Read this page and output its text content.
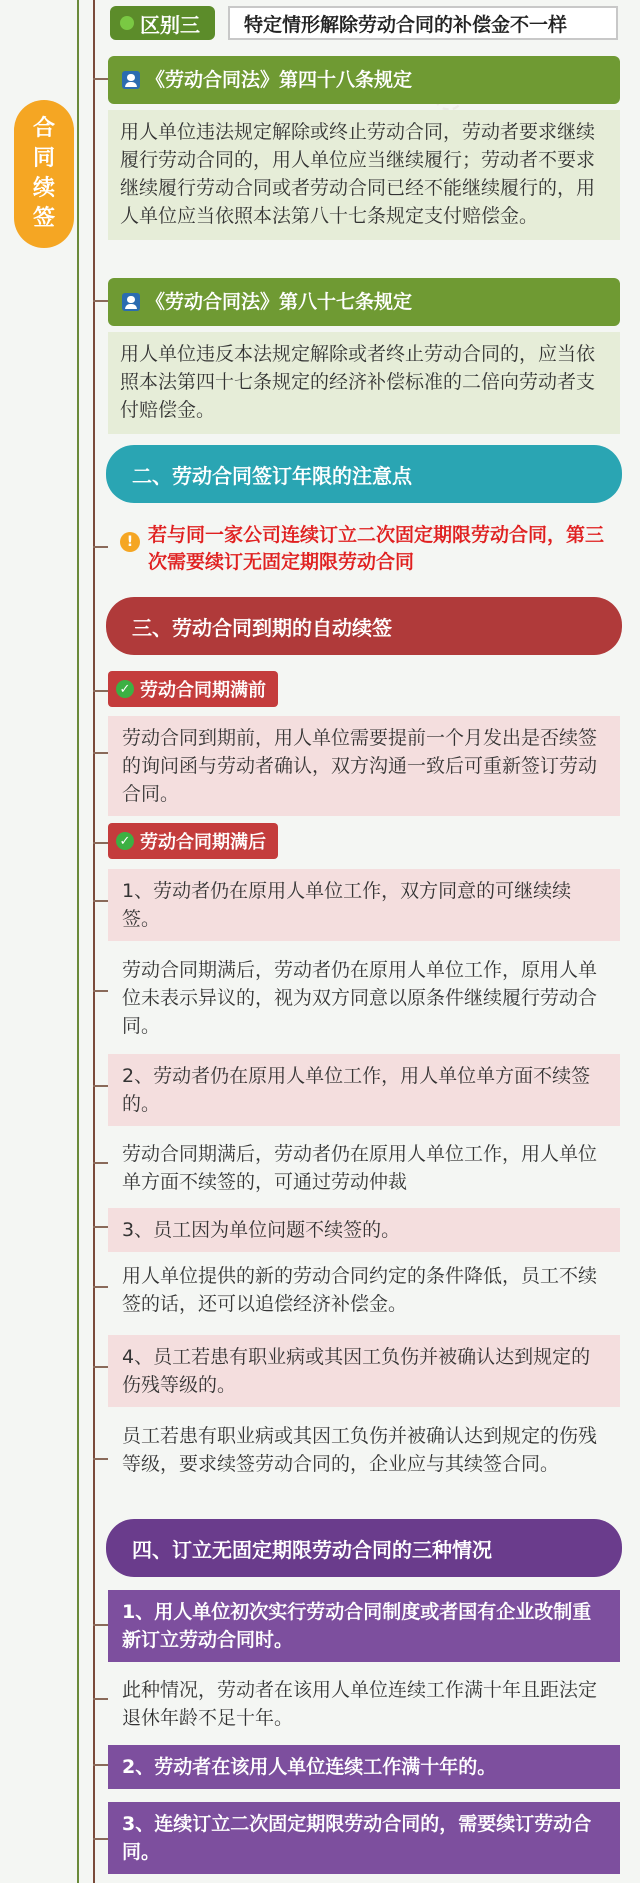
合
同
续
签
区别三 特定情形解除劳动合同的补偿金不一样
《劳动合同法》第四十八条规定
用人单位违法规定解除或终止劳动合同，劳动者要求继续履行劳动合同的，用人单位应当继续履行；劳动者不要求继续履行劳动合同或者劳动合同已经不能继续履行的，用人单位应当依照本法第八十七条规定支付赔偿金。
《劳动合同法》第八十七条规定
用人单位违反本法规定解除或者终止劳动合同的，应当依照本法第四十七条规定的经济补偿标准的二倍向劳动者支付赔偿金。
二、劳动合同签订年限的注意点
! 若与同一家公司连续订立二次固定期限劳动合同，第三次需要续订无固定期限劳动合同
三、劳动合同到期的自动续签
✓ 劳动合同期满前
劳动合同到期前，用人单位需要提前一个月发出是否续签的询问函与劳动者确认，双方沟通一致后可重新签订劳动合同。
✓ 劳动合同期满后
1、劳动者仍在原用人单位工作，双方同意的可继续续签。
劳动合同期满后，劳动者仍在原用人单位工作，原用人单位未表示异议的，视为双方同意以原条件继续履行劳动合同。
2、劳动者仍在原用人单位工作，用人单位单方面不续签的。
劳动合同期满后，劳动者仍在原用人单位工作，用人单位单方面不续签的，可通过劳动仲裁
3、员工因为单位问题不续签的。
用人单位提供的新的劳动合同约定的条件降低，员工不续签的话，还可以追偿经济补偿金。
4、员工若患有职业病或其因工负伤并被确认达到规定的伤残等级的。
员工若患有职业病或其因工负伤并被确认达到规定的伤残等级，要求续签劳动合同的，企业应与其续签合同。
四、订立无固定期限劳动合同的三种情况
1、用人单位初次实行劳动合同制度或者国有企业改制重新订立劳动合同时。
此种情况，劳动者在该用人单位连续工作满十年且距法定退休年龄不足十年。
2、劳动者在该用人单位连续工作满十年的。
3、连续订立二次固定期限劳动合同的，需要续订劳动合同。
